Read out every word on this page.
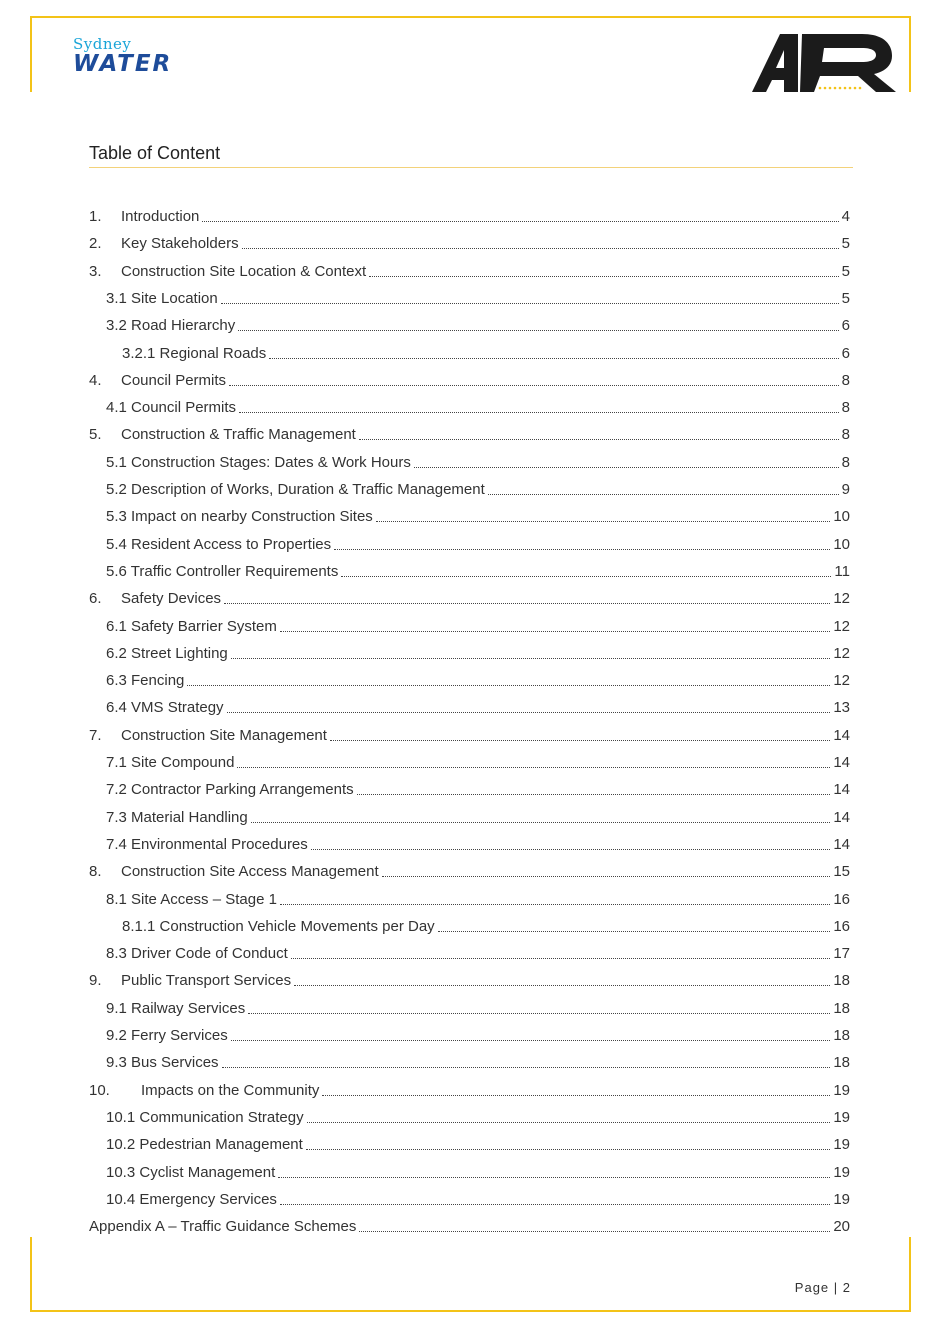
Sydney
WATER
Table of Content
1.	Introduction	4
2.	Key Stakeholders	5
3.	Construction Site Location & Context	5
3.1 Site Location	5
3.2 Road Hierarchy	6
3.2.1 Regional Roads	6
4.	Council Permits	8
4.1 Council Permits	8
5.	Construction & Traffic Management	8
5.1 Construction Stages: Dates & Work Hours	8
5.2 Description of Works, Duration & Traffic Management	9
5.3 Impact on nearby Construction Sites	10
5.4 Resident Access to Properties	10
5.6 Traffic Controller Requirements	11
6.	Safety Devices	12
6.1 Safety Barrier System	12
6.2 Street Lighting	12
6.3 Fencing	12
6.4 VMS Strategy	13
7.	Construction Site Management	14
7.1 Site Compound	14
7.2 Contractor Parking Arrangements	14
7.3 Material Handling	14
7.4 Environmental Procedures	14
8.	Construction Site Access Management	15
8.1 Site Access – Stage 1	16
8.1.1 Construction Vehicle Movements per Day	16
8.3 Driver Code of Conduct	17
9.	Public Transport Services	18
9.1 Railway Services	18
9.2 Ferry Services	18
9.3 Bus Services	18
10.	Impacts on the Community	19
10.1 Communication Strategy	19
10.2 Pedestrian Management	19
10.3 Cyclist Management	19
10.4 Emergency Services	19
Appendix A – Traffic Guidance Schemes	20
Page | 2
